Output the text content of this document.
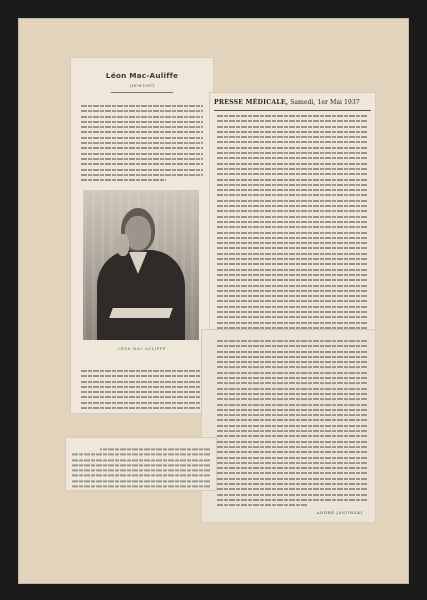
Léon Mac-Auliffe
(1876-1937)
LÉON MAC-AULIFFE
PRESSE MÉDICALE, Samedi, 1er Mai 1937
ANDRÉ JANOWSKI
